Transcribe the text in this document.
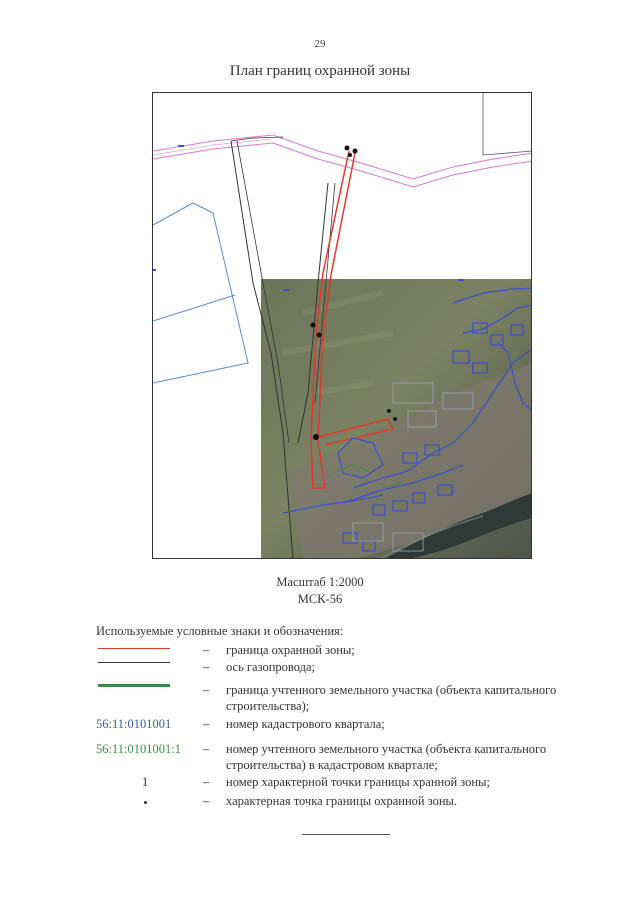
29
План границ охранной зоны
Масштаб 1:2000
МСК-56
Используемые условные знаки и обозначения:
– граница охранной зоны;
– ось газопровода;
– граница учтенного земельного участка (объекта капитального строительства);
56:11:0101001	– номер кадастрового квартала;
56:11:0101001:1	– номер учтенного земельного участка (объекта капитального строительства) в кадастровом квартале;
1	– номер характерной точки границы хранной зоны;
– характерная точка границы охранной зоны.
